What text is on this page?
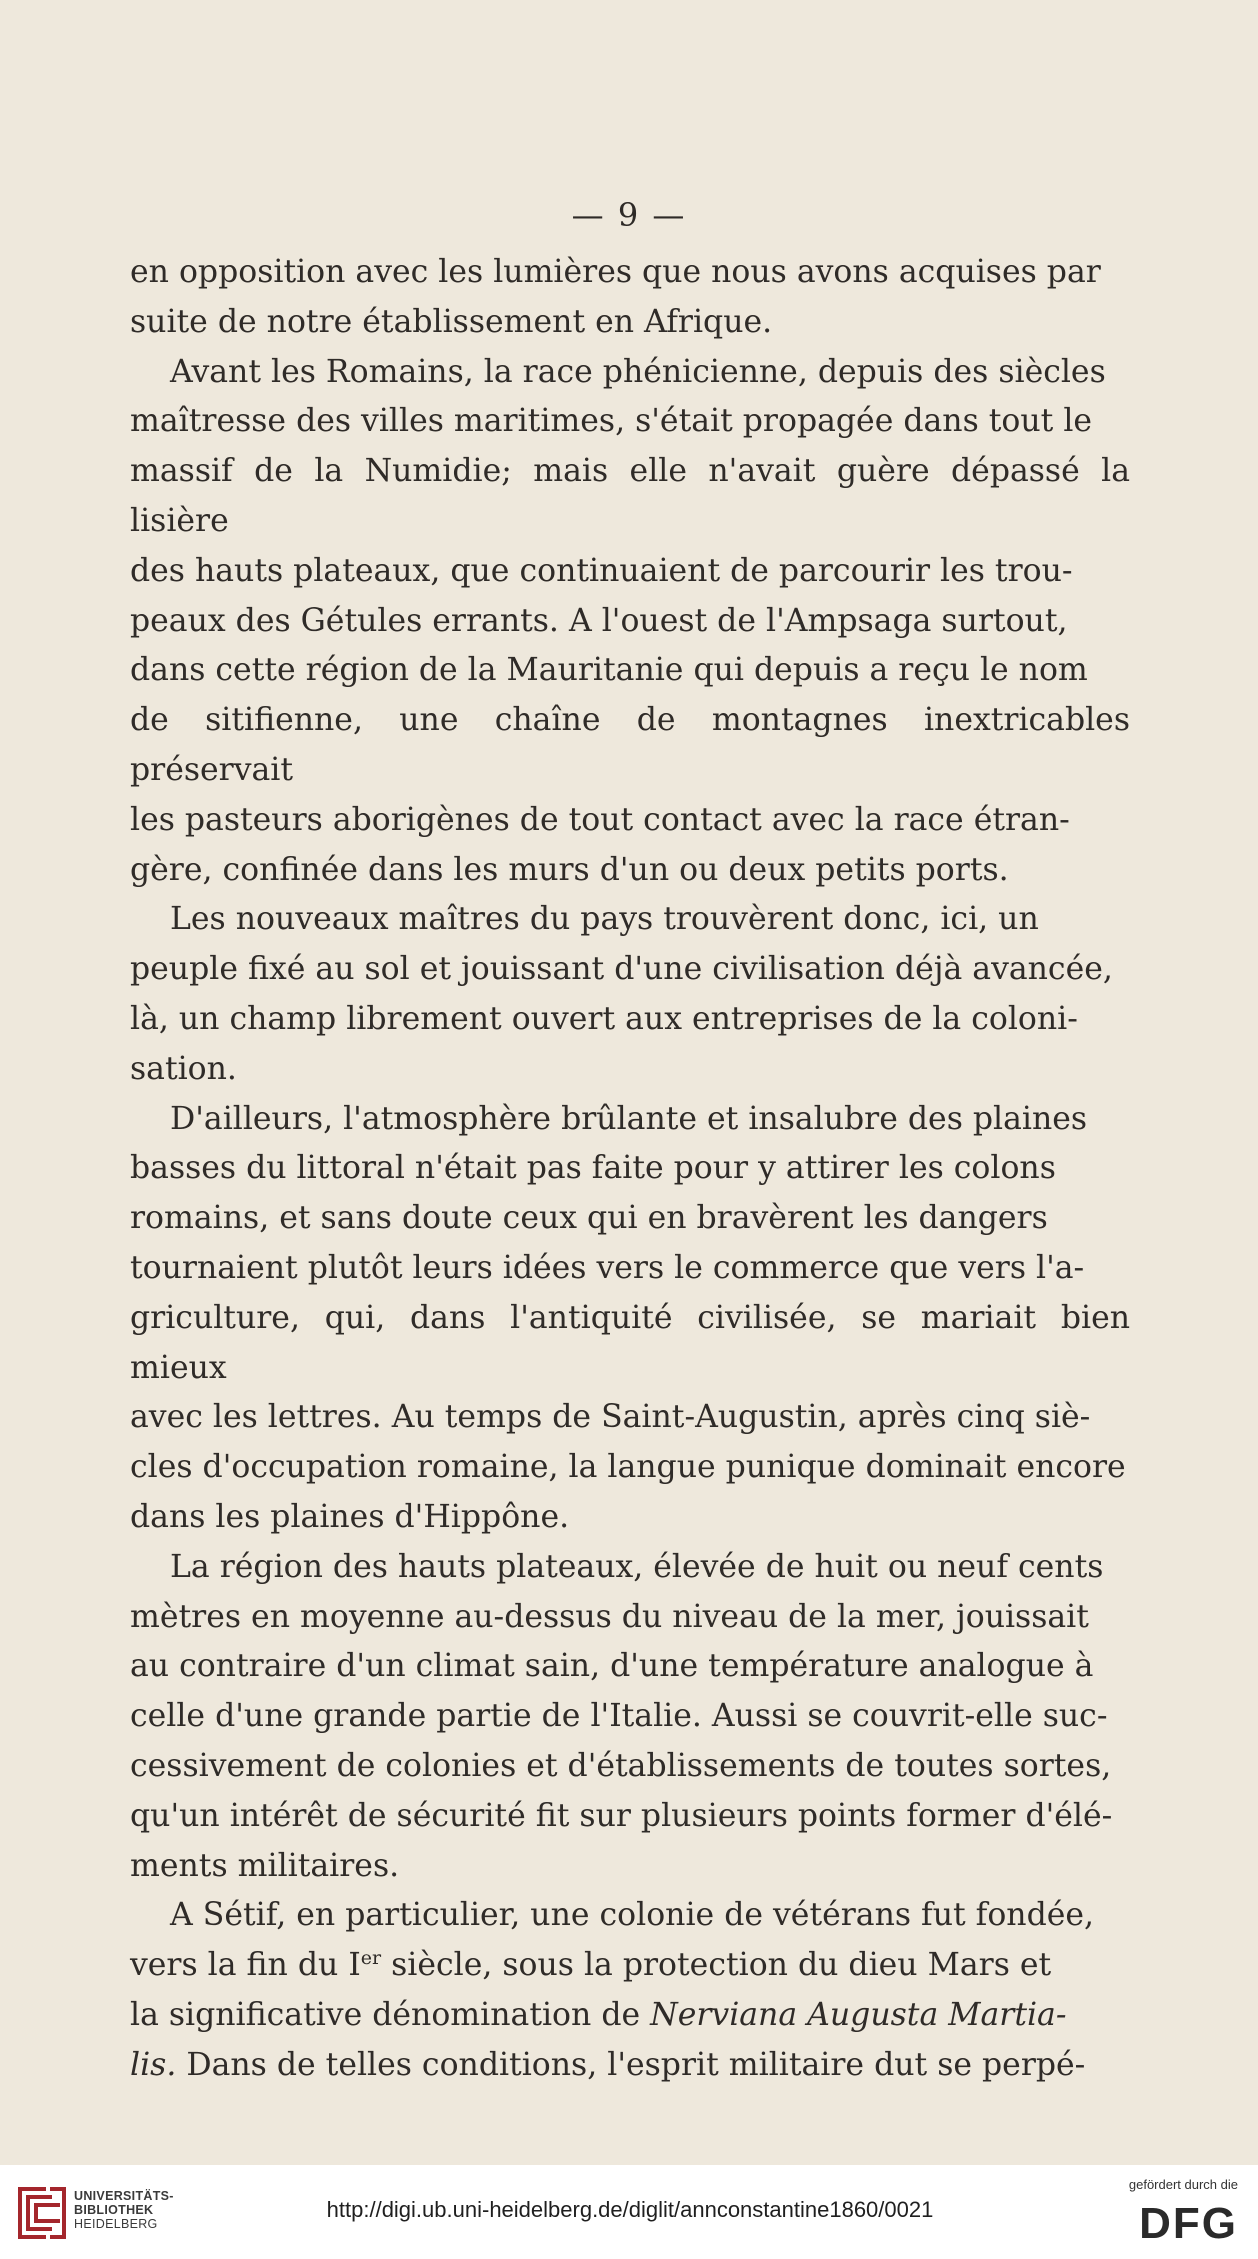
— 9 —

en opposition avec les lumières que nous avons acquises par
suite de notre établissement en Afrique.

Avant les Romains, la race phénicienne, depuis des siècles
maîtresse des villes maritimes, s'était propagée dans tout le
massif de la Numidie; mais elle n'avait guère dépassé la lisière
des hauts plateaux, que continuaient de parcourir les trou-
peaux des Gétules errants. A l'ouest de l'Ampsaga surtout,
dans cette région de la Mauritanie qui depuis a reçu le nom
de sitifienne, une chaîne de montagnes inextricables préservait
les pasteurs aborigènes de tout contact avec la race étran-
gère, confinée dans les murs d'un ou deux petits ports.

Les nouveaux maîtres du pays trouvèrent donc, ici, un
peuple fixé au sol et jouissant d'une civilisation déjà avancée,
là, un champ librement ouvert aux entreprises de la coloni-
sation.

D'ailleurs, l'atmosphère brûlante et insalubre des plaines
basses du littoral n'était pas faite pour y attirer les colons
romains, et sans doute ceux qui en bravèrent les dangers
tournaient plutôt leurs idées vers le commerce que vers l'a-
griculture, qui, dans l'antiquité civilisée, se mariait bien mieux
avec les lettres. Au temps de Saint-Augustin, après cinq siè-
cles d'occupation romaine, la langue punique dominait encore
dans les plaines d'Hippône.

La région des hauts plateaux, élevée de huit ou neuf cents
mètres en moyenne au-dessus du niveau de la mer, jouissait
au contraire d'un climat sain, d'une température analogue à
celle d'une grande partie de l'Italie. Aussi se couvrit-elle suc-
cessivement de colonies et d'établissements de toutes sortes,
qu'un intérêt de sécurité fit sur plusieurs points former d'élé-
ments militaires.

A Sétif, en particulier, une colonie de vétérans fut fondée,
vers la fin du Ier siècle, sous la protection du dieu Mars et
la significative dénomination de Nerviana Augusta Martia-
lis. Dans de telles conditions, l'esprit militaire dut se perpé-

UNIVERSITÄTS-
BIBLIOTHEK
HEIDELBERG
http://digi.ub.uni-heidelberg.de/diglit/annconstantine1860/0021
gefördert durch die
DFG
